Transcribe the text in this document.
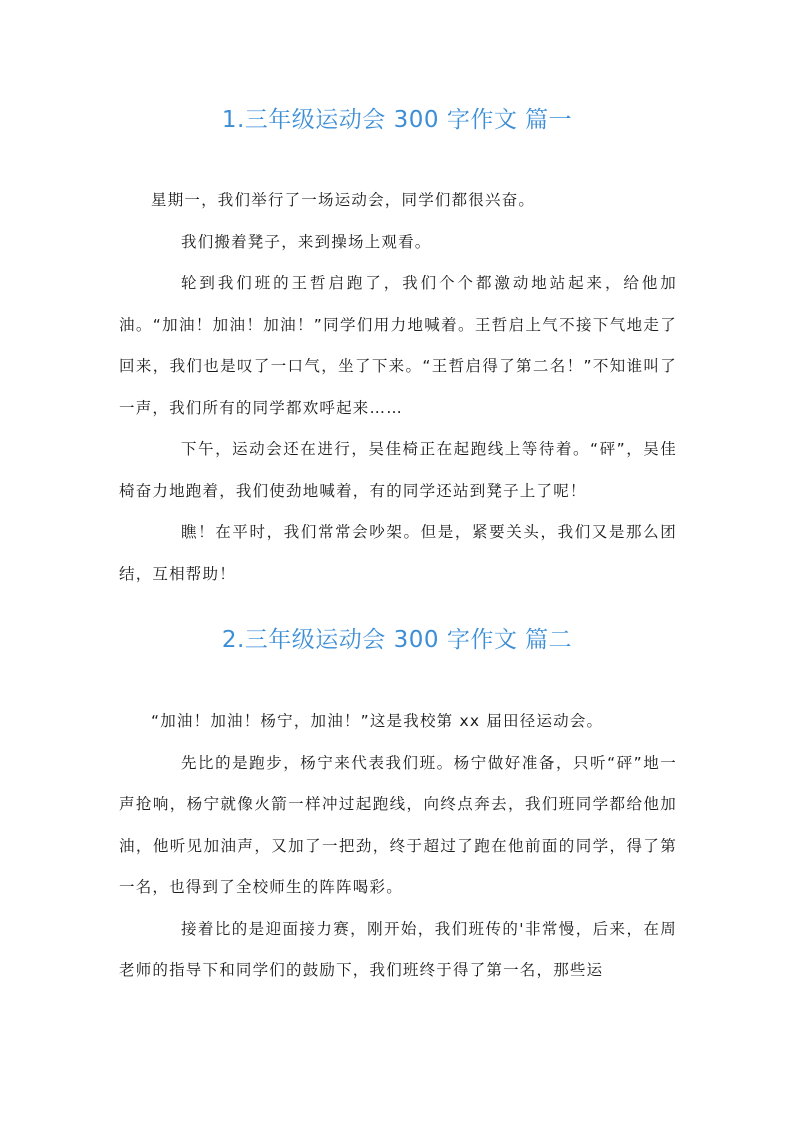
1.三年级运动会 300 字作文 篇一

星期一，我们举行了一场运动会，同学们都很兴奋。

我们搬着凳子，来到操场上观看。

轮到我们班的王哲启跑了，我们个个都激动地站起来，给他加油。“加油！加油！加油！”同学们用力地喊着。王哲启上气不接下气地走了回来，我们也是叹了一口气，坐了下来。“王哲启得了第二名！”不知谁叫了一声，我们所有的同学都欢呼起来……

下午，运动会还在进行，吴佳椅正在起跑线上等待着。“砰”，吴佳椅奋力地跑着，我们使劲地喊着，有的同学还站到凳子上了呢！

瞧！在平时，我们常常会吵架。但是，紧要关头，我们又是那么团结，互相帮助！

2.三年级运动会 300 字作文 篇二

“加油！加油！杨宁，加油！”这是我校第 xx 届田径运动会。

先比的是跑步，杨宁来代表我们班。杨宁做好准备，只听“砰”地一声抢响，杨宁就像火箭一样冲过起跑线，向终点奔去，我们班同学都给他加油，他听见加油声，又加了一把劲，终于超过了跑在他前面的同学，得了第一名，也得到了全校师生的阵阵喝彩。

接着比的是迎面接力赛，刚开始，我们班传的'非常慢，后来，在周老师的指导下和同学们的鼓励下，我们班终于得了第一名，那些运
